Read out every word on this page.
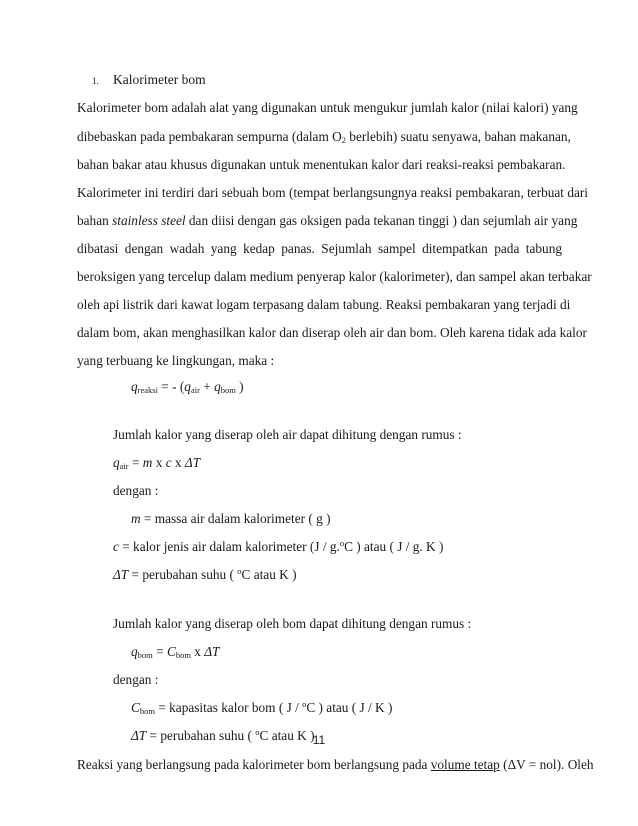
1. Kalorimeter bom
Kalorimeter bom adalah alat yang digunakan untuk mengukur jumlah kalor (nilai kalori) yang
dibebaskan pada pembakaran sempurna (dalam $O_2$ berlebih) suatu senyawa, bahan makanan,
bahan bakar atau khusus digunakan untuk menentukan kalor dari reaksi-reaksi pembakaran.
Kalorimeter ini terdiri dari sebuah bom (tempat berlangsungnya reaksi pembakaran, terbuat dari
bahan stainless steel dan diisi dengan gas oksigen pada tekanan tinggi ) dan sejumlah air yang
dibatasi dengan wadah yang kedap panas. Sejumlah sampel ditempatkan pada tabung
beroksigen yang tercelup dalam medium penyerap kalor (kalorimeter), dan sampel akan terbakar
oleh api listrik dari kawat logam terpasang dalam tabung. Reaksi pembakaran yang terjadi di
dalam bom, akan menghasilkan kalor dan diserap oleh air dan bom. Oleh karena tidak ada kalor
yang terbuang ke lingkungan, maka :
$q_{reaksi}$ = - ($q_{air} + q_{bom}$ )
Jumlah kalor yang diserap oleh air dapat dihitung dengan rumus :
$q_{air} = m$ x c x ΔT
dengan :
m = massa air dalam kalorimeter ( g )
c = kalor jenis air dalam kalorimeter (J / g.$^o$C ) atau ( J / g. K )
ΔT = perubahan suhu ( $^o$C atau K )
Jumlah kalor yang diserap oleh bom dapat dihitung dengan rumus :
$q_{bom} = C_{bom}$ x ΔT
dengan :
$C_{bom}$ = kapasitas kalor bom ( J / $^o$C ) atau ( J / K )
ΔT = perubahan suhu ( $^o$C atau K )
Reaksi yang berlangsung pada kalorimeter bom berlangsung pada volume tetap (ΔV = nol). Oleh
11
